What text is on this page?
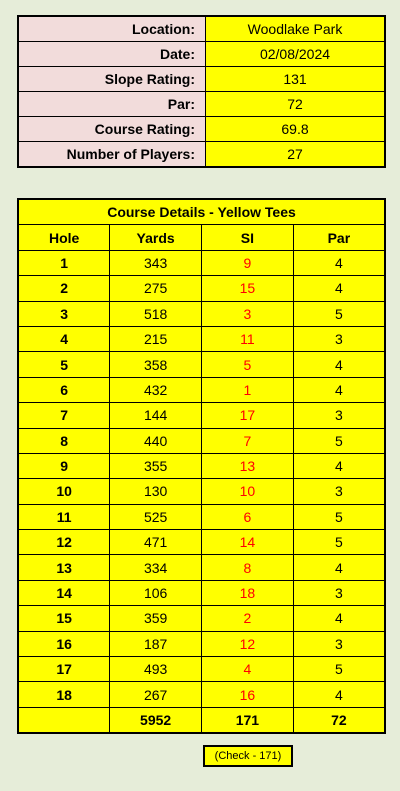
Location:	Woodlake Park
Date:	02/08/2024
Slope Rating:	131
Par:	72
Course Rating:	69.8
Number of Players:	27
Course Details - Yellow Tees			
Hole	Yards	SI	Par
1	343	9	4
2	275	15	4
3	518	3	5
4	215	11	3
5	358	5	4
6	432	1	4
7	144	17	3
8	440	7	5
9	355	13	4
10	130	10	3
11	525	6	5
12	471	14	5
13	334	8	4
14	106	18	3
15	359	2	4
16	187	12	3
17	493	4	5
18	267	16	4
	5952	171	72
(Check - 171)
